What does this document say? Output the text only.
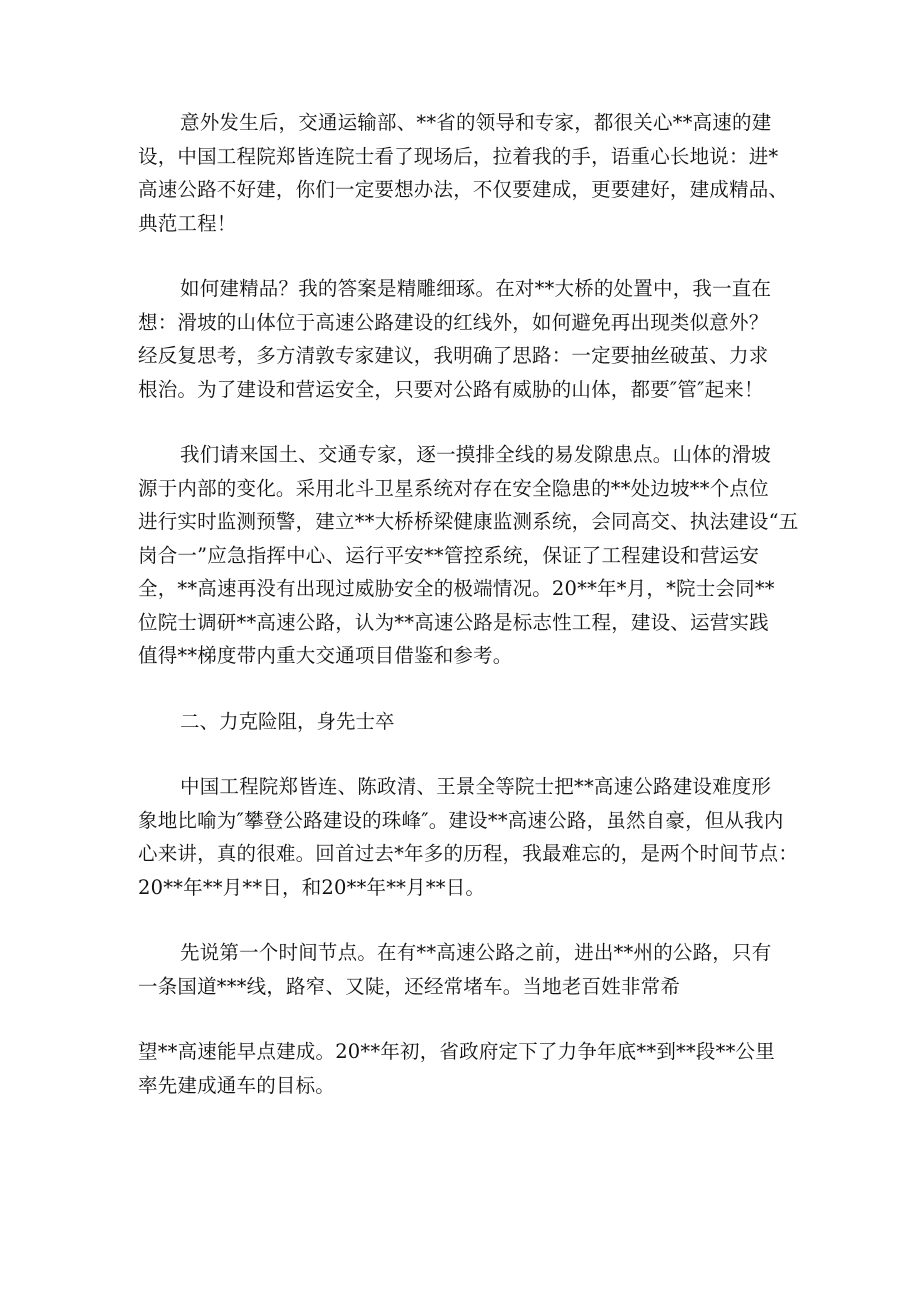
意外发生后，交通运输部、**省的领导和专家，都很关心**高速的建
设，中国工程院郑皆连院士看了现场后，拉着我的手，语重心长地说：进*
高速公路不好建，你们一定要想办法，不仅要建成，更要建好，建成精品、
典范工程！

如何建精品？我的答案是精雕细琢。在对**大桥的处置中，我一直在
想：滑坡的山体位于高速公路建设的红线外，如何避免再出现类似意外？
经反复思考，多方清敦专家建议，我明确了思路：一定要抽丝破茧、力求
根治。为了建设和营运安全，只要对公路有威胁的山体，都要″管″起来！

我们请来国土、交通专家，逐一摸排全线的易发隙患点。山体的滑坡
源于内部的变化。采用北斗卫星系统对存在安全隐患的**处边坡**个点位
进行实时监测预警，建立**大桥桥梁健康监测系统，会同高交、执法建设“五
岗合一”应急指挥中心、运行平安**管控系统，保证了工程建设和营运安
全，**高速再没有出现过威胁安全的极端情况。20**年*月，*院士会同**
位院士调研**高速公路，认为**高速公路是标志性工程，建设、运营实践
值得**梯度带内重大交通项目借鉴和参考。

二、力克险阻，身先士卒

中国工程院郑皆连、陈政清、王景全等院士把**高速公路建设难度形
象地比喻为″攀登公路建设的珠峰″。建设**高速公路，虽然自豪，但从我内
心来讲，真的很难。回首过去*年多的历程，我最难忘的，是两个时间节点：
20**年**月**日，和20**年**月**日。

先说第一个时间节点。在有**高速公路之前，进出**州的公路，只有
一条国道***线，路窄、又陡，还经常堵车。当地老百姓非常希

望**高速能早点建成。20**年初，省政府定下了力争年底**到**段**公里
率先建成通车的目标。
